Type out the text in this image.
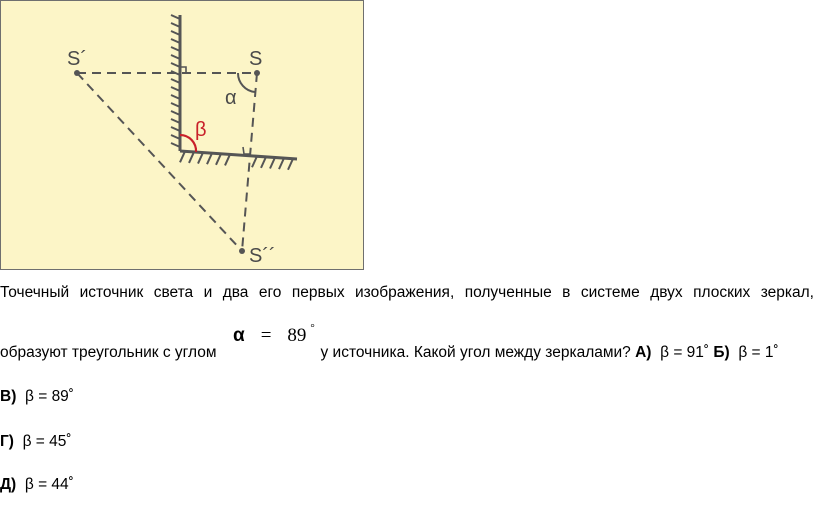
S´	S
S´´
α
β
Точечный источник света и два его первых изображения, полученные в системе двух плоских зеркал,
α = 89 °
образуют треугольник с углом	у источника. Какой угол между зеркалами? А) β = 91˚ Б) β = 1˚
В) β = 89˚
Г) β = 45˚
Д) β = 44˚
